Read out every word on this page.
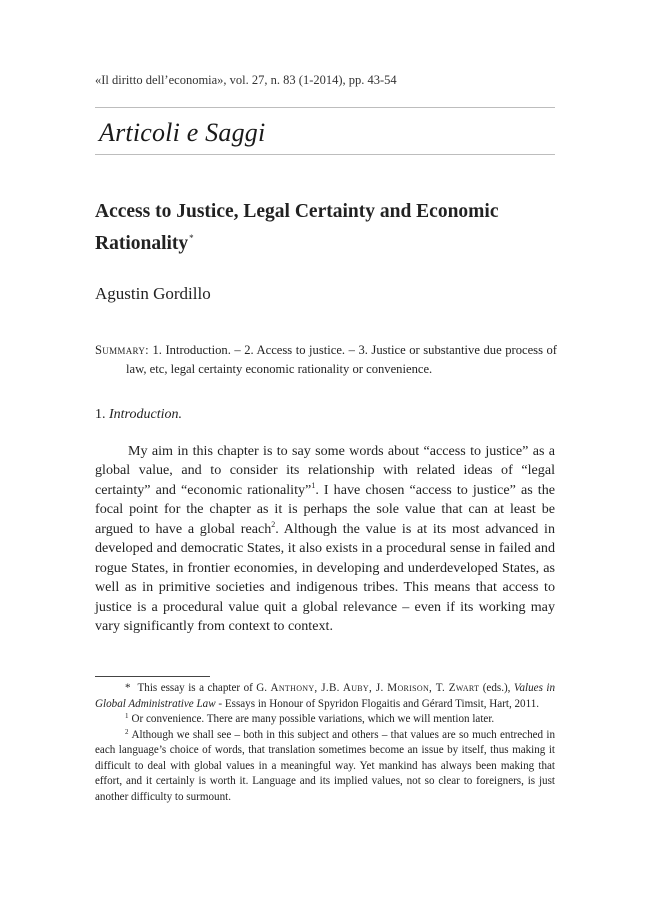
«Il diritto dell’economia», vol. 27, n. 83 (1-2014), pp. 43-54
Articoli e Saggi
Access to Justice, Legal Certainty and Economic Rationality*
Agustin Gordillo
Summary: 1. Introduction. – 2. Access to justice. – 3. Justice or substantive due process of law, etc, legal certainty economic rationality or convenience.
1. Introduction.

My aim in this chapter is to say some words about “access to justice” as a global value, and to consider its relationship with related ideas of “legal certainty” and “economic rationality”$^1$. I have chosen “access to justice” as the focal point for the chapter as it is perhaps the sole value that can at least be argued to have a global reach$^2$. Although the value is at its most advanced in developed and democratic States, it also exists in a procedural sense in failed and rogue States, in frontier economies, in developing and underdeveloped States, as well as in primitive societies and indigenous tribes. This means that access to justice is a procedural value quit a global relevance – even if its working may vary significantly from context to context.

* This essay is a chapter of G. Anthony, J.B. Auby, J. Morison, T. Zwart (eds.), Values in Global Administrative Law - Essays in Honour of Spyridon Flogaitis and Gérard Timsit, Hart, 2011.

$^1$ Or convenience. There are many possible variations, which we will mention later.

$^2$ Although we shall see – both in this subject and others – that values are so much entreched in each language’s choice of words, that translation sometimes become an issue by itself, thus making it difficult to deal with global values in a meaningful way. Yet mankind has always been making that effort, and it certainly is worth it. Language and its implied values, not so clear to foreigners, is just another difficulty to surmount.
